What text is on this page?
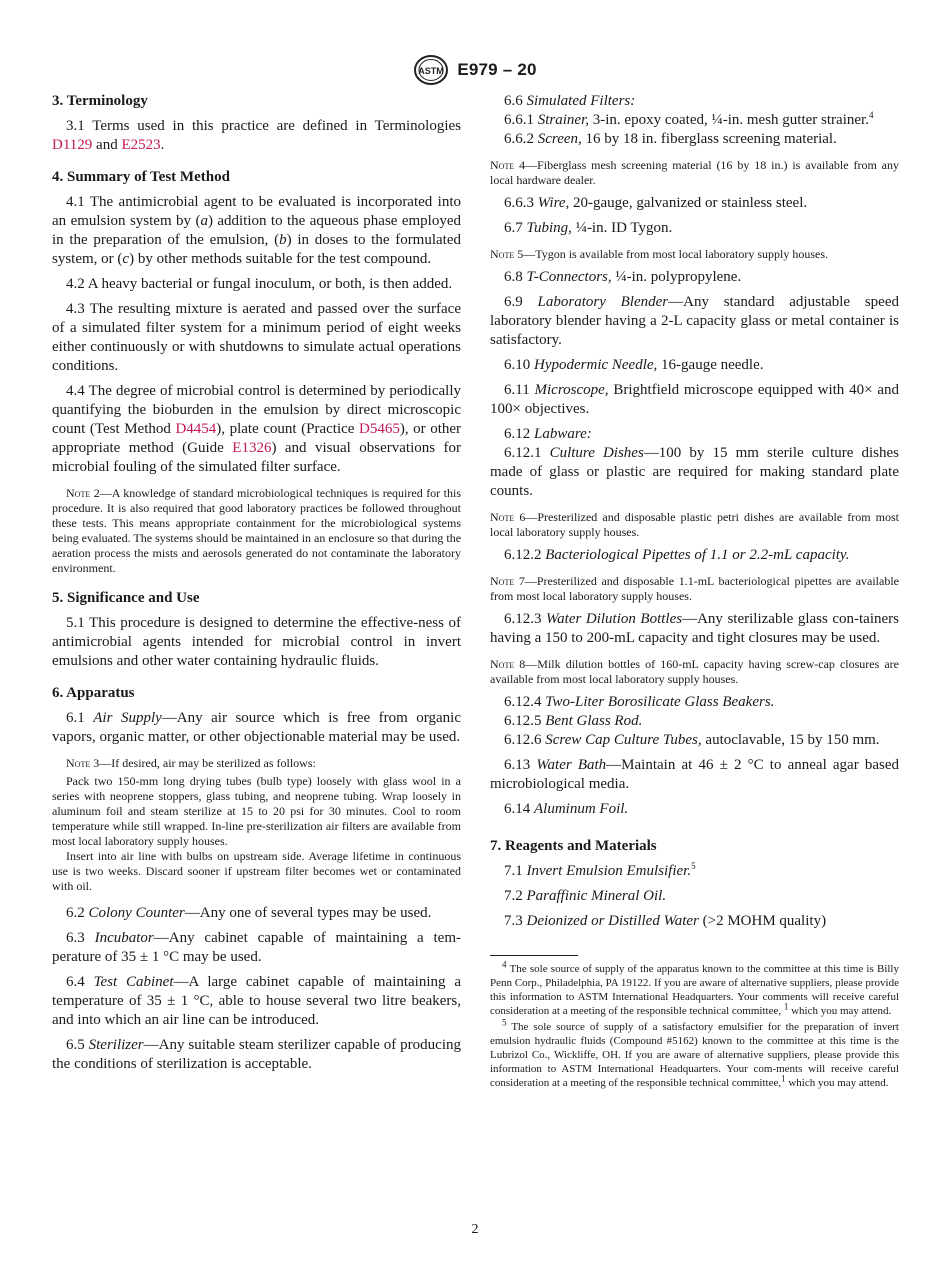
ASTM E979 – 20

3. Terminology

3.1 Terms used in this practice are defined in Terminologies D1129 and E2523.

4. Summary of Test Method

4.1 The antimicrobial agent to be evaluated is incorporated into an emulsion system by (a) addition to the aqueous phase employed in the preparation of the emulsion, (b) in doses to the formulated system, or (c) by other methods suitable for the test compound.

4.2 A heavy bacterial or fungal inoculum, or both, is then added.

4.3 The resulting mixture is aerated and passed over the surface of a simulated filter system for a minimum period of eight weeks either continuously or with shutdowns to simulate actual operations conditions.

4.4 The degree of microbial control is determined by periodically quantifying the bioburden in the emulsion by direct microscopic count (Test Method D4454), plate count (Practice D5465), or other appropriate method (Guide E1326) and visual observations for microbial fouling of the simulated filter surface.

Note 2—A knowledge of standard microbiological techniques is required for this procedure. It is also required that good laboratory practices be followed throughout these tests. This means appropriate containment for the microbiological systems being evaluated. The systems should be maintained in an enclosure so that during the aeration process the mists and aerosols generated do not contaminate the laboratory environment.

5. Significance and Use

5.1 This procedure is designed to determine the effective-ness of antimicrobial agents intended for microbial control in invert emulsions and other water containing hydraulic fluids.

6. Apparatus

6.1 Air Supply—Any air source which is free from organic vapors, organic matter, or other objectionable material may be used.

Note 3—If desired, air may be sterilized as follows:

Pack two 150-mm long drying tubes (bulb type) loosely with glass wool in a series with neoprene stoppers, glass tubing, and neoprene tubing. Wrap loosely in aluminum foil and steam sterilize at 15 to 20 psi for 30 minutes. Cool to room temperature while still wrapped. In-line pre-sterilization air filters are available from most local laboratory supply houses.

Insert into air line with bulbs on upstream side. Average lifetime in continuous use is two weeks. Discard sooner if upstream filter becomes wet or contaminated with oil.

6.2 Colony Counter—Any one of several types may be used.

6.3 Incubator—Any cabinet capable of maintaining a tem-perature of 35 ± 1 °C may be used.

6.4 Test Cabinet—A large cabinet capable of maintaining a temperature of 35 ± 1 °C, able to house several two litre beakers, and into which an air line can be introduced.

6.5 Sterilizer—Any suitable steam sterilizer capable of producing the conditions of sterilization is acceptable.

6.6 Simulated Filters:

6.6.1 Strainer, 3-in. epoxy coated, ¼-in. mesh gutter strainer.$^4$

6.6.2 Screen, 16 by 18 in. fiberglass screening material.

Note 4—Fiberglass mesh screening material (16 by 18 in.) is available from any local hardware dealer.

6.6.3 Wire, 20-gauge, galvanized or stainless steel.

6.7 Tubing, ¼-in. ID Tygon.

Note 5—Tygon is available from most local laboratory supply houses.

6.8 T-Connectors, ¼-in. polypropylene.

6.9 Laboratory Blender—Any standard adjustable speed laboratory blender having a 2-L capacity glass or metal container is satisfactory.

6.10 Hypodermic Needle, 16-gauge needle.

6.11 Microscope, Brightfield microscope equipped with 40× and 100× objectives.

6.12 Labware:

6.12.1 Culture Dishes—100 by 15 mm sterile culture dishes made of glass or plastic are required for making standard plate counts.

Note 6—Presterilized and disposable plastic petri dishes are available from most local laboratory supply houses.

6.12.2 Bacteriological Pipettes of 1.1 or 2.2-mL capacity.

Note 7—Presterilized and disposable 1.1-mL bacteriological pipettes are available from most local laboratory supply houses.

6.12.3 Water Dilution Bottles—Any sterilizable glass con-tainers having a 150 to 200-mL capacity and tight closures may be used.

Note 8—Milk dilution bottles of 160-mL capacity having screw-cap closures are available from most local laboratory supply houses.

6.12.4 Two-Liter Borosilicate Glass Beakers.

6.12.5 Bent Glass Rod.

6.12.6 Screw Cap Culture Tubes, autoclavable, 15 by 150 mm.

6.13 Water Bath—Maintain at 46 ± 2 °C to anneal agar based microbiological media.

6.14 Aluminum Foil.

7. Reagents and Materials

7.1 Invert Emulsion Emulsifier.$^5$

7.2 Paraffinic Mineral Oil.

7.3 Deionized or Distilled Water (>2 MOHM quality)

$^4$ The sole source of supply of the apparatus known to the committee at this time is Billy Penn Corp., Philadelphia, PA 19122. If you are aware of alternative suppliers, please provide this information to ASTM International Headquarters. Your comments will receive careful consideration at a meeting of the responsible technical committee, $^1$ which you may attend.

$^5$ The sole source of supply of a satisfactory emulsifier for the preparation of invert emulsion hydraulic fluids (Compound #5162) known to the committee at this time is the Lubrizol Co., Wickliffe, OH. If you are aware of alternative suppliers, please provide this information to ASTM International Headquarters. Your com-ments will receive careful consideration at a meeting of the responsible technical committee,$^1$ which you may attend.

2
